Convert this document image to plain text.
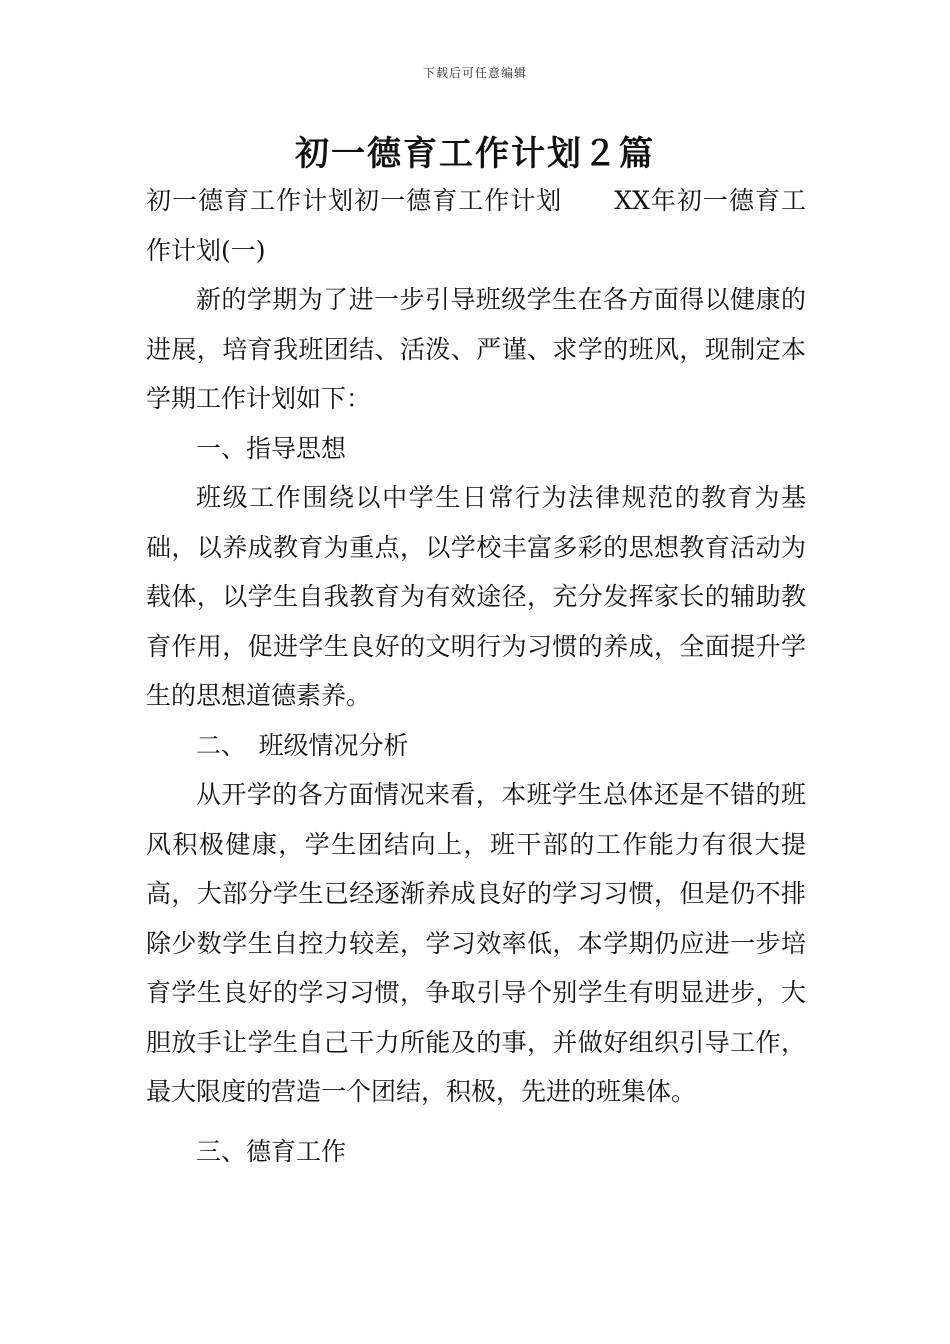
下载后可任意编辑
初一德育工作计划２篇

初一德育工作计划初一德育工作计划 XX年初一德育工作计划(一)

新的学期为了进一步引导班级学生在各方面得以健康的进展，培育我班团结、活泼、严谨、求学的班风，现制定本学期工作计划如下：

一、指导思想

班级工作围绕以中学生日常行为法律规范的教育为基础，以养成教育为重点，以学校丰富多彩的思想教育活动为载体，以学生自我教育为有效途径，充分发挥家长的辅助教育作用，促进学生良好的文明行为习惯的养成，全面提升学生的思想道德素养。

二、　班级情况分析

从开学的各方面情况来看，本班学生总体还是不错的班风积极健康，学生团结向上，班干部的工作能力有很大提高，大部分学生已经逐渐养成良好的学习习惯，但是仍不排除少数学生自控力较差，学习效率低，本学期仍应进一步培育学生良好的学习习惯，争取引导个别学生有明显进步，大胆放手让学生自己干力所能及的事，并做好组织引导工作，最大限度的营造一个团结，积极，先进的班集体。

三、德育工作
